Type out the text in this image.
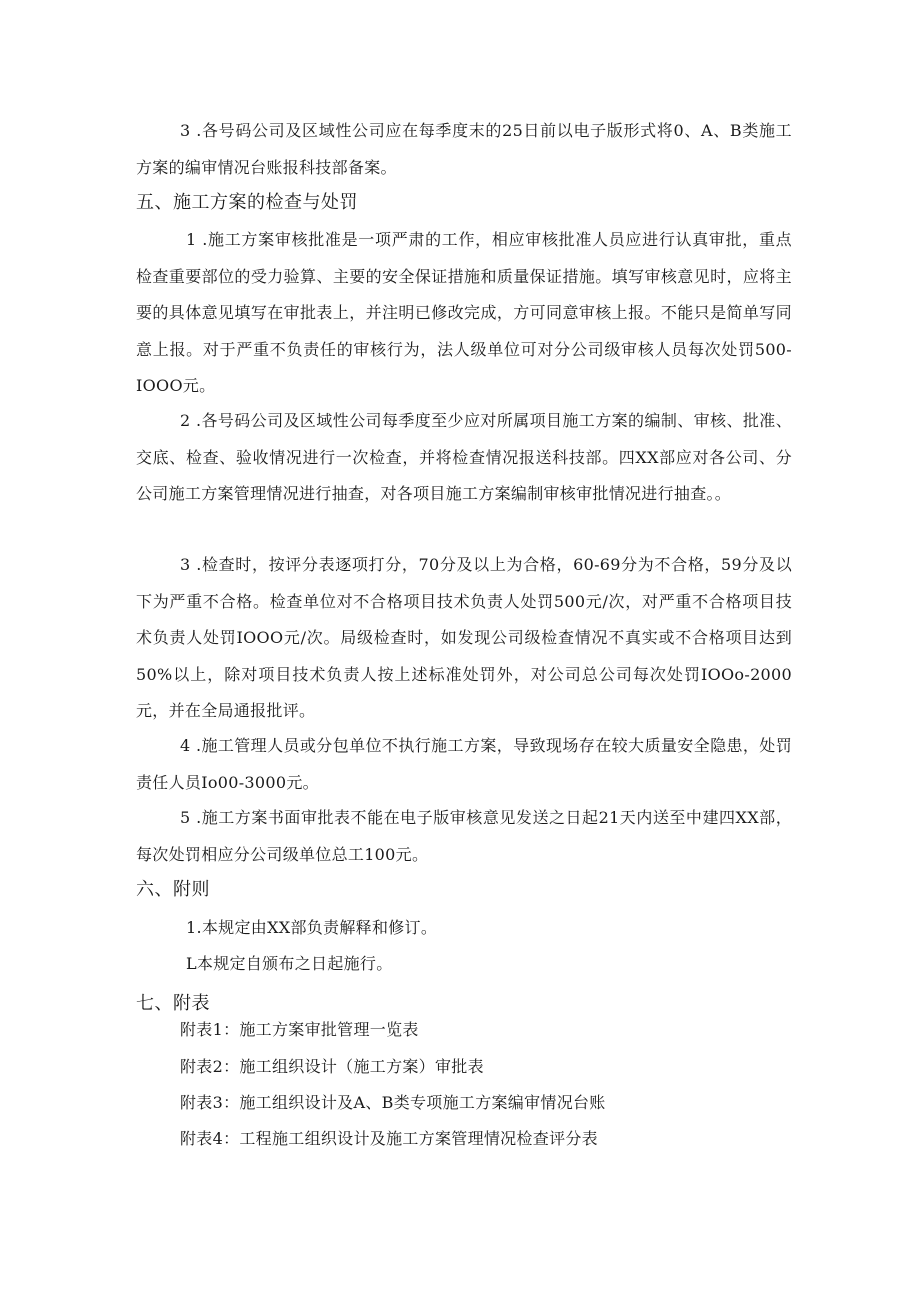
3 .各号码公司及区域性公司应在每季度末的25日前以电子版形式将0、A、B类施工方案的编审情况台账报科技部备案。
五、施工方案的检查与处罚
1 .施工方案审核批准是一项严肃的工作，相应审核批准人员应进行认真审批，重点检查重要部位的受力验算、主要的安全保证措施和质量保证措施。填写审核意见时，应将主要的具体意见填写在审批表上，并注明已修改完成，方可同意审核上报。不能只是简单写同意上报。对于严重不负责任的审核行为，法人级单位可对分公司级审核人员每次处罚500-IOOO元。
2 .各号码公司及区域性公司每季度至少应对所属项目施工方案的编制、审核、批准、交底、检查、验收情况进行一次检查，并将检查情况报送科技部。四XX部应对各公司、分公司施工方案管理情况进行抽查，对各项目施工方案编制审核审批情况进行抽查。。
3 .检查时，按评分表逐项打分，70分及以上为合格，60-69分为不合格，59分及以下为严重不合格。检查单位对不合格项目技术负责人处罚500元/次，对严重不合格项目技术负责人处罚IOOO元/次。局级检查时，如发现公司级检查情况不真实或不合格项目达到50%以上，除对项目技术负责人按上述标准处罚外，对公司总公司每次处罚IOOo-2000元，并在全局通报批评。
4 .施工管理人员或分包单位不执行施工方案，导致现场存在较大质量安全隐患，处罚责任人员Io00-3000元。
5 .施工方案书面审批表不能在电子版审核意见发送之日起21天内送至中建四XX部，每次处罚相应分公司级单位总工100元。
六、附则
1.本规定由XX部负责解释和修订。
L本规定自颁布之日起施行。
七、附表
附表1：施工方案审批管理一览表
附表2：施工组织设计（施工方案）审批表
附表3：施工组织设计及A、B类专项施工方案编审情况台账
附表4：工程施工组织设计及施工方案管理情况检查评分表
